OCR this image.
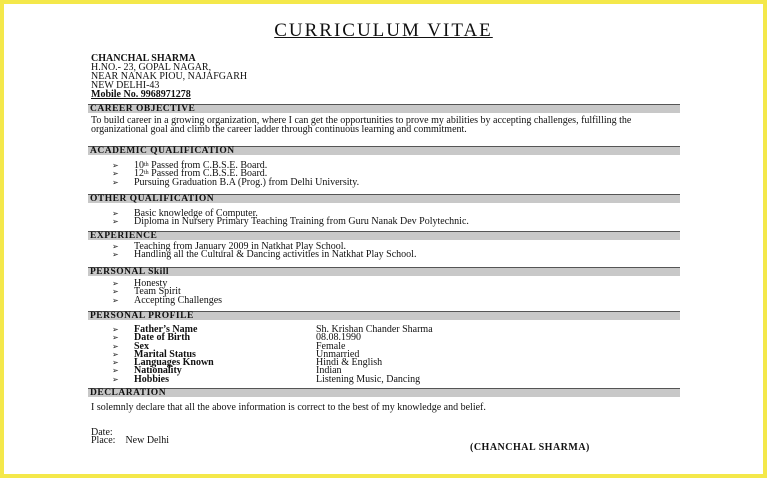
CURRICULUM VITAE
CHANCHAL SHARMA
H.NO.- 23, GOPAL NAGAR,
NEAR NANAK PIOU, NAJAFGARH
NEW DELHI-43
Mobile No. 9968971278
CAREER OBJECTIVE
To build career in a growing organization, where I can get the opportunities to prove my abilities by accepting challenges, fulfilling the organizational goal and climb the career ladder through continuous learning and commitment.
ACADEMIC QUALIFICATION
➢ 10th Passed from C.B.S.E. Board.
➢ 12th Passed from C.B.S.E. Board.
➢ Pursuing Graduation B.A (Prog.) from Delhi University.
OTHER QUALIFICATION
➢ Basic knowledge of Computer.
➢ Diploma in Nursery Primary Teaching Training from Guru Nanak Dev Polytechnic.
EXPERIENCE
➢ Teaching from January 2009 in Natkhat Play School.
➢ Handling all the Cultural & Dancing activities in Natkhat Play School.
PERSONAL Skill
➢ Honesty
➢ Team Spirit
➢ Accepting Challenges
PERSONAL PROFILE
➢ Father’s Name	Sh. Krishan Chander Sharma
➢ Date of Birth	08.08.1990
➢ Sex	Female
➢ Marital Status	Unmarried
➢ Languages Known	Hindi & English
➢ Nationality	Indian
➢ Hobbies	Listening Music, Dancing
DECLARATION
I solemnly declare that all the above information is correct to the best of my knowledge and belief.
Date:
Place: New Delhi
(CHANCHAL SHARMA)
